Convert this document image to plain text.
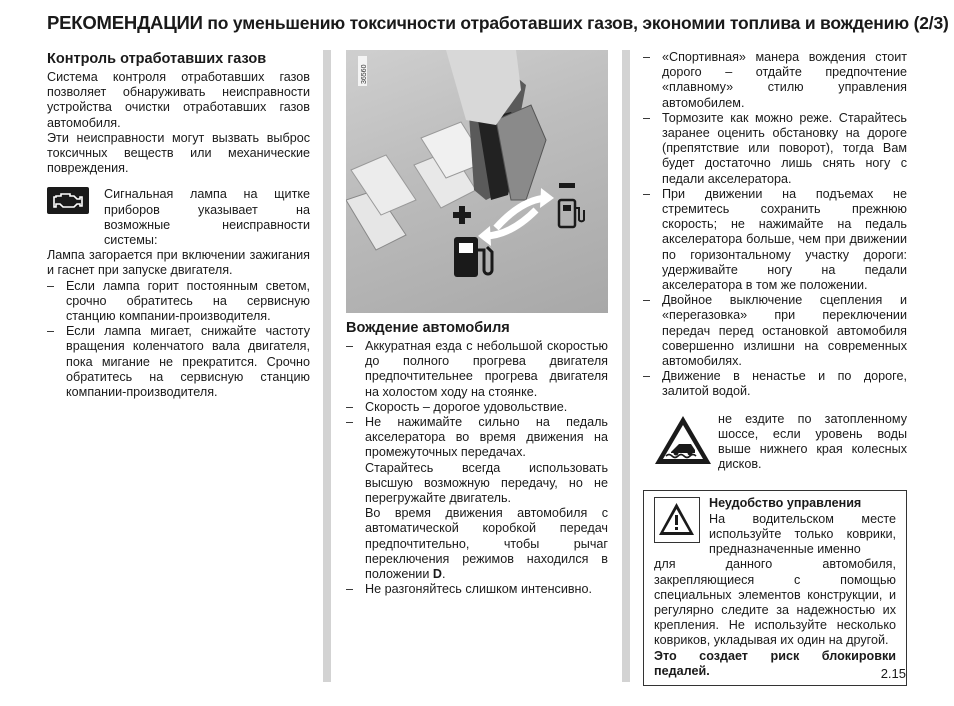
РЕКОМЕНДАЦИИ по уменьшению токсичности отработавших газов, экономии топлива и вождению (2/3)
Контроль отработавших газов

Система контроля отработавших газов позволяет обнаруживать неисправности устройства очистки отработавших газов автомобиля.

Эти неисправности могут вызвать выброс токсичных веществ или механические повреждения.

Сигнальная лампа на щитке приборов указывает на возможные неисправности системы:

Лампа загорается при включении зажигания и гаснет при запуске двигателя.

– Если лампа горит постоянным светом, срочно обратитесь на сервисную станцию компании-производителя.
– Если лампа мигает, снижайте частоту вращения коленчатого вала двигателя, пока мигание не прекратится. Срочно обратитесь на сервисную станцию компании-производителя.
36560
Вождение автомобиля
– Аккуратная езда с небольшой скоростью до полного прогрева двигателя предпочтительнее прогрева двигателя на холостом ходу на стоянке.
– Скорость – дорогое удовольствие.
– Не нажимайте сильно на педаль акселератора во время движения на промежуточных передачах.
Старайтесь всегда использовать высшую возможную передачу, но не перегружайте двигатель.
Во время движения автомобиля с автоматической коробкой передач предпочтительно, чтобы рычаг переключения режимов находился в положении D.
– Не разгоняйтесь слишком интенсивно.
– «Спортивная» манера вождения стоит дорого – отдайте предпочтение «плавному» стилю управления автомобилем.
– Тормозите как можно реже. Старайтесь заранее оценить обстановку на дороге (препятствие или поворот), тогда Вам будет достаточно лишь снять ногу с педали акселератора.
– При движении на подъемах не стремитесь сохранить прежнюю скорость; не нажимайте на педаль акселератора больше, чем при движении по горизонтальному участку дороги: удерживайте ногу на педали акселератора в том же положении.
– Двойное выключение сцепления и «перегазовка» при переключении передач перед остановкой автомобиля совершенно излишни на современных автомобилях.
– Движение в ненастье и по дороге, залитой водой.

не ездите по затопленному шоссе, если уровень воды выше нижнего края колесных дисков.

Неудобство управления
На водительском месте используйте только коврики, предназначенные именно

для данного автомобиля, закрепляющиеся с помощью специальных элементов конструкции, и регулярно следите за надежностью их крепления. Не используйте несколько ковриков, укладывая их один на другой.

Это создает риск блокировки педалей.	2.15
